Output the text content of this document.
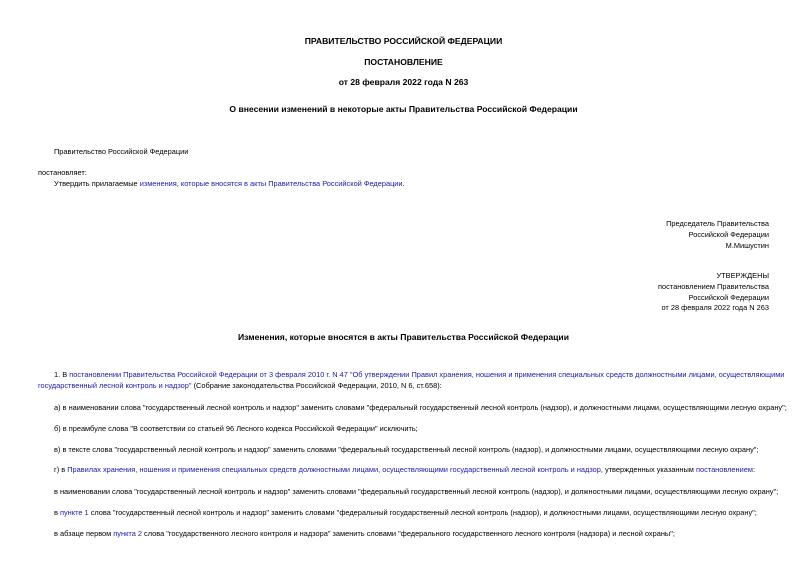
ПРАВИТЕЛЬСТВО РОССИЙСКОЙ ФЕДЕРАЦИИ
ПОСТАНОВЛЕНИЕ
от 28 февраля 2022 года N 263
О внесении изменений в некоторые акты Правительства Российской Федерации
Правительство Российской Федерации
постановляет:
Утвердить прилагаемые изменения, которые вносятся в акты Правительства Российской Федерации.
Председатель Правительства
Российской Федерации
М.Мишустин
УТВЕРЖДЕНЫ
постановлением Правительства
Российской Федерации
от 28 февраля 2022 года N 263
Изменения, которые вносятся в акты Правительства Российской Федерации
1. В постановлении Правительства Российской Федерации от 3 февраля 2010 г. N 47 "Об утверждении Правил хранения, ношения и применения специальных средств должностными лицами, осуществляющими
государственный лесной контроль и надзор" (Собрание законодательства Российской Федерации, 2010, N 6, ст.658):
а) в наименовании слова "государственный лесной контроль и надзор" заменить словами "федеральный государственный лесной контроль (надзор), и должностными лицами, осуществляющими лесную охрану";
б) в преамбуле слова "В соответствии со статьей 96 Лесного кодекса Российской Федерации" исключить;
в) в тексте слова "государственный лесной контроль и надзор" заменить словами "федеральный государственный лесной контроль (надзор), и должностными лицами, осуществляющими лесную охрану";
г) в Правилах хранения, ношения и применения специальных средств должностными лицами, осуществляющими государственный лесной контроль и надзор, утвержденных указанным постановлением:
в наименовании слова "государственный лесной контроль и надзор" заменить словами "федеральный государственный лесной контроль (надзор), и должностными лицами, осуществляющими лесную охрану";
в пункте 1 слова "государственный лесной контроль и надзор" заменить словами "федеральный государственный лесной контроль (надзор), и должностными лицами, осуществляющими лесную охрану";
в абзаце первом пункта 2 слова "государственного лесного контроля и надзора" заменить словами "федерального государственного лесного контроля (надзора) и лесной охраны";
